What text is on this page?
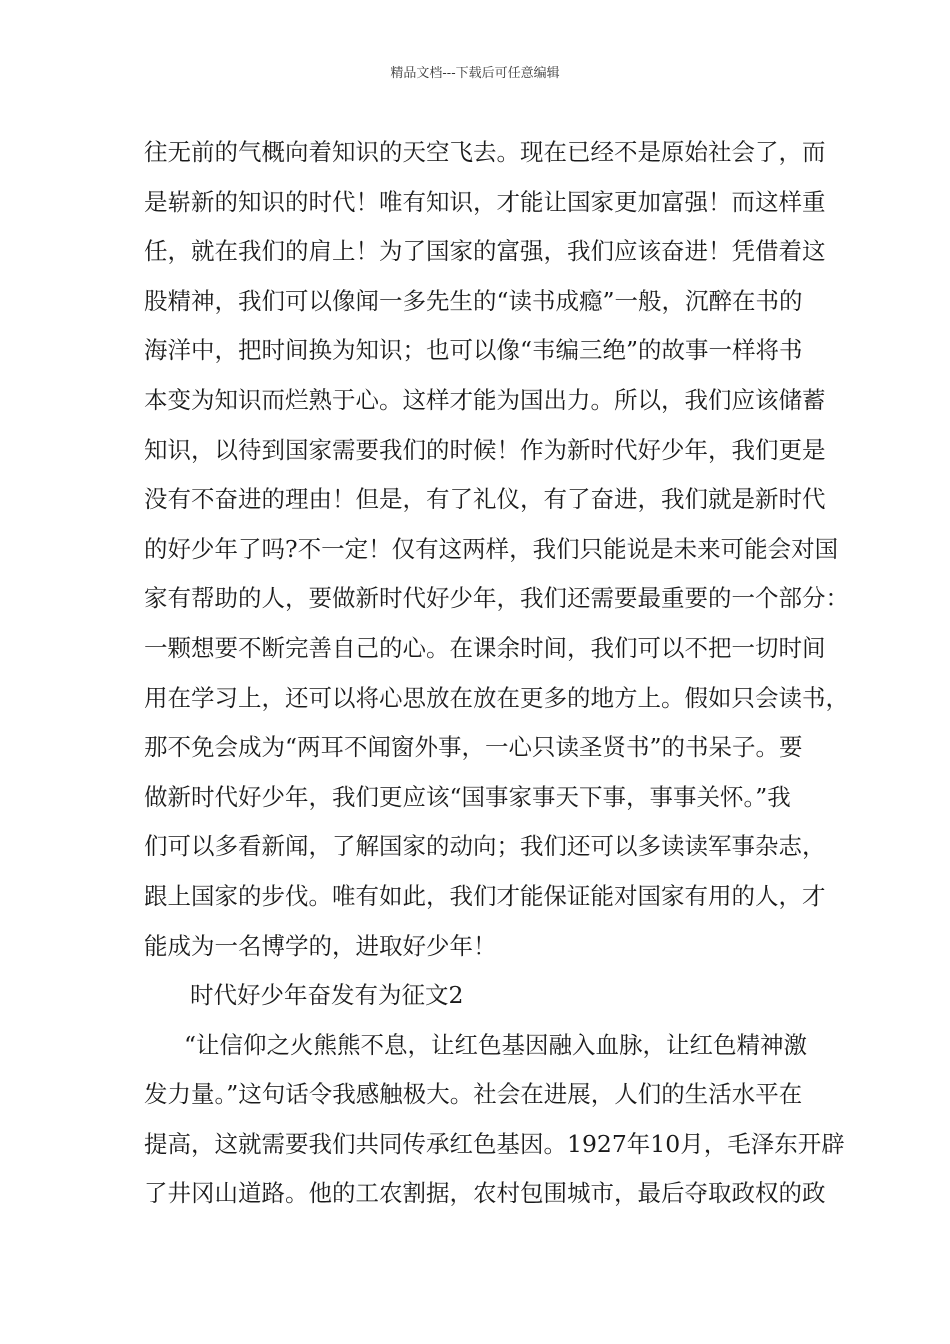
精品文档---下载后可任意编辑
往无前的气概向着知识的天空飞去。现在已经不是原始社会了，而
是崭新的知识的时代！唯有知识，才能让国家更加富强！而这样重
任，就在我们的肩上！为了国家的富强，我们应该奋进！凭借着这
股精神，我们可以像闻一多先生的“读书成瘾”一般，沉醉在书的
海洋中，把时间换为知识；也可以像“韦编三绝”的故事一样将书
本变为知识而烂熟于心。这样才能为国出力。所以，我们应该储蓄
知识，以待到国家需要我们的时候！作为新时代好少年，我们更是
没有不奋进的理由！但是，有了礼仪，有了奋进，我们就是新时代
的好少年了吗?不一定！仅有这两样，我们只能说是未来可能会对国
家有帮助的人，要做新时代好少年，我们还需要最重要的一个部分：
一颗想要不断完善自己的心。在课余时间，我们可以不把一切时间
用在学习上，还可以将心思放在放在更多的地方上。假如只会读书，
那不免会成为“两耳不闻窗外事，一心只读圣贤书”的书呆子。要
做新时代好少年，我们更应该“国事家事天下事，事事关怀。”我
们可以多看新闻，了解国家的动向；我们还可以多读读军事杂志，
跟上国家的步伐。唯有如此，我们才能保证能对国家有用的人，才
能成为一名博学的，进取好少年！
时代好少年奋发有为征文2
“让信仰之火熊熊不息，让红色基因融入血脉，让红色精神激
发力量。”这句话令我感触极大。社会在进展，人们的生活水平在
提高，这就需要我们共同传承红色基因。1927年10月，毛泽东开辟
了井冈山道路。他的工农割据，农村包围城市，最后夺取政权的政
